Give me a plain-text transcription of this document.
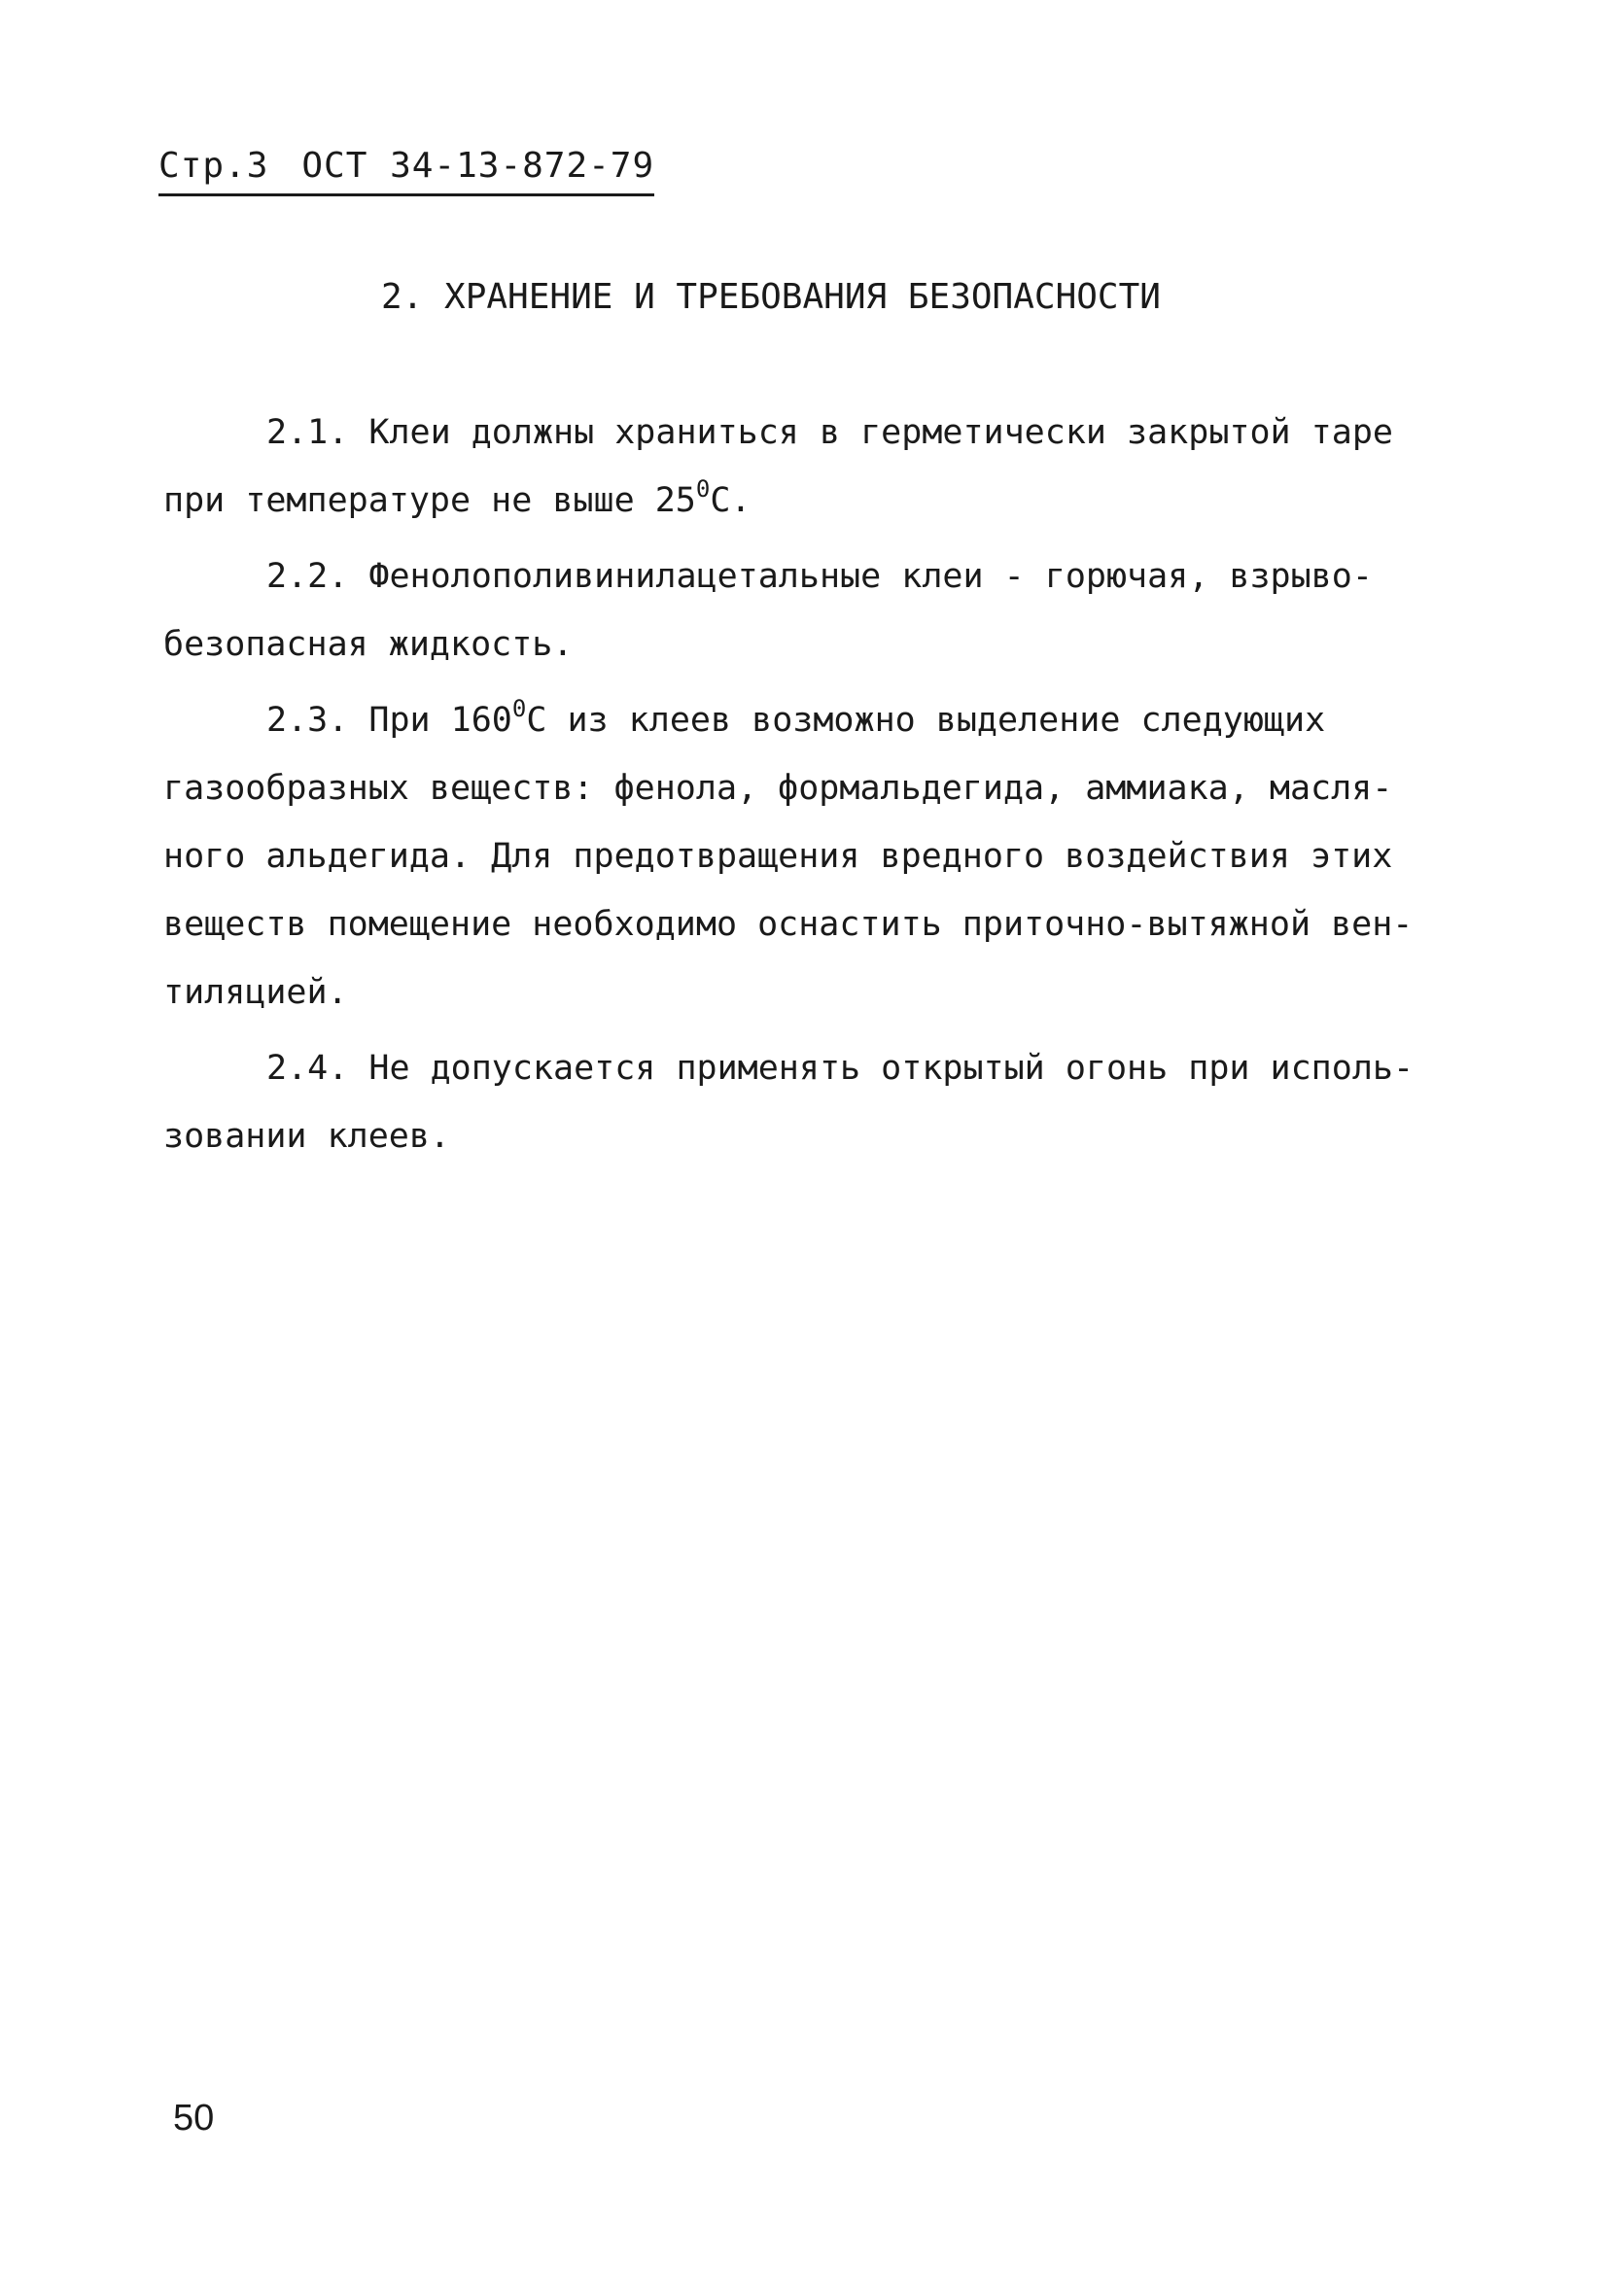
Стр.3 ОСТ 34-13-872-79
2. ХРАНЕНИЕ И ТРЕБОВАНИЯ БЕЗОПАСНОСТИ

2.1. Клеи должны храниться в герметически закрытой таре
при температуре не выше $25^0С$.

2.2. Фенолополивинилацетальные клеи - горючая, взрыво-
безопасная жидкость.

2.3. При $160^0С$ из клеев возможно выделение следующих
газообразных веществ: фенола, формальдегида, аммиака, масля-
ного альдегида. Для предотвращения вредного воздействия этих
веществ помещение необходимо оснастить приточно-вытяжной вен-
тиляцией.

2.4. Не допускается применять открытый огонь при исполь-
зовании клеев.

50
